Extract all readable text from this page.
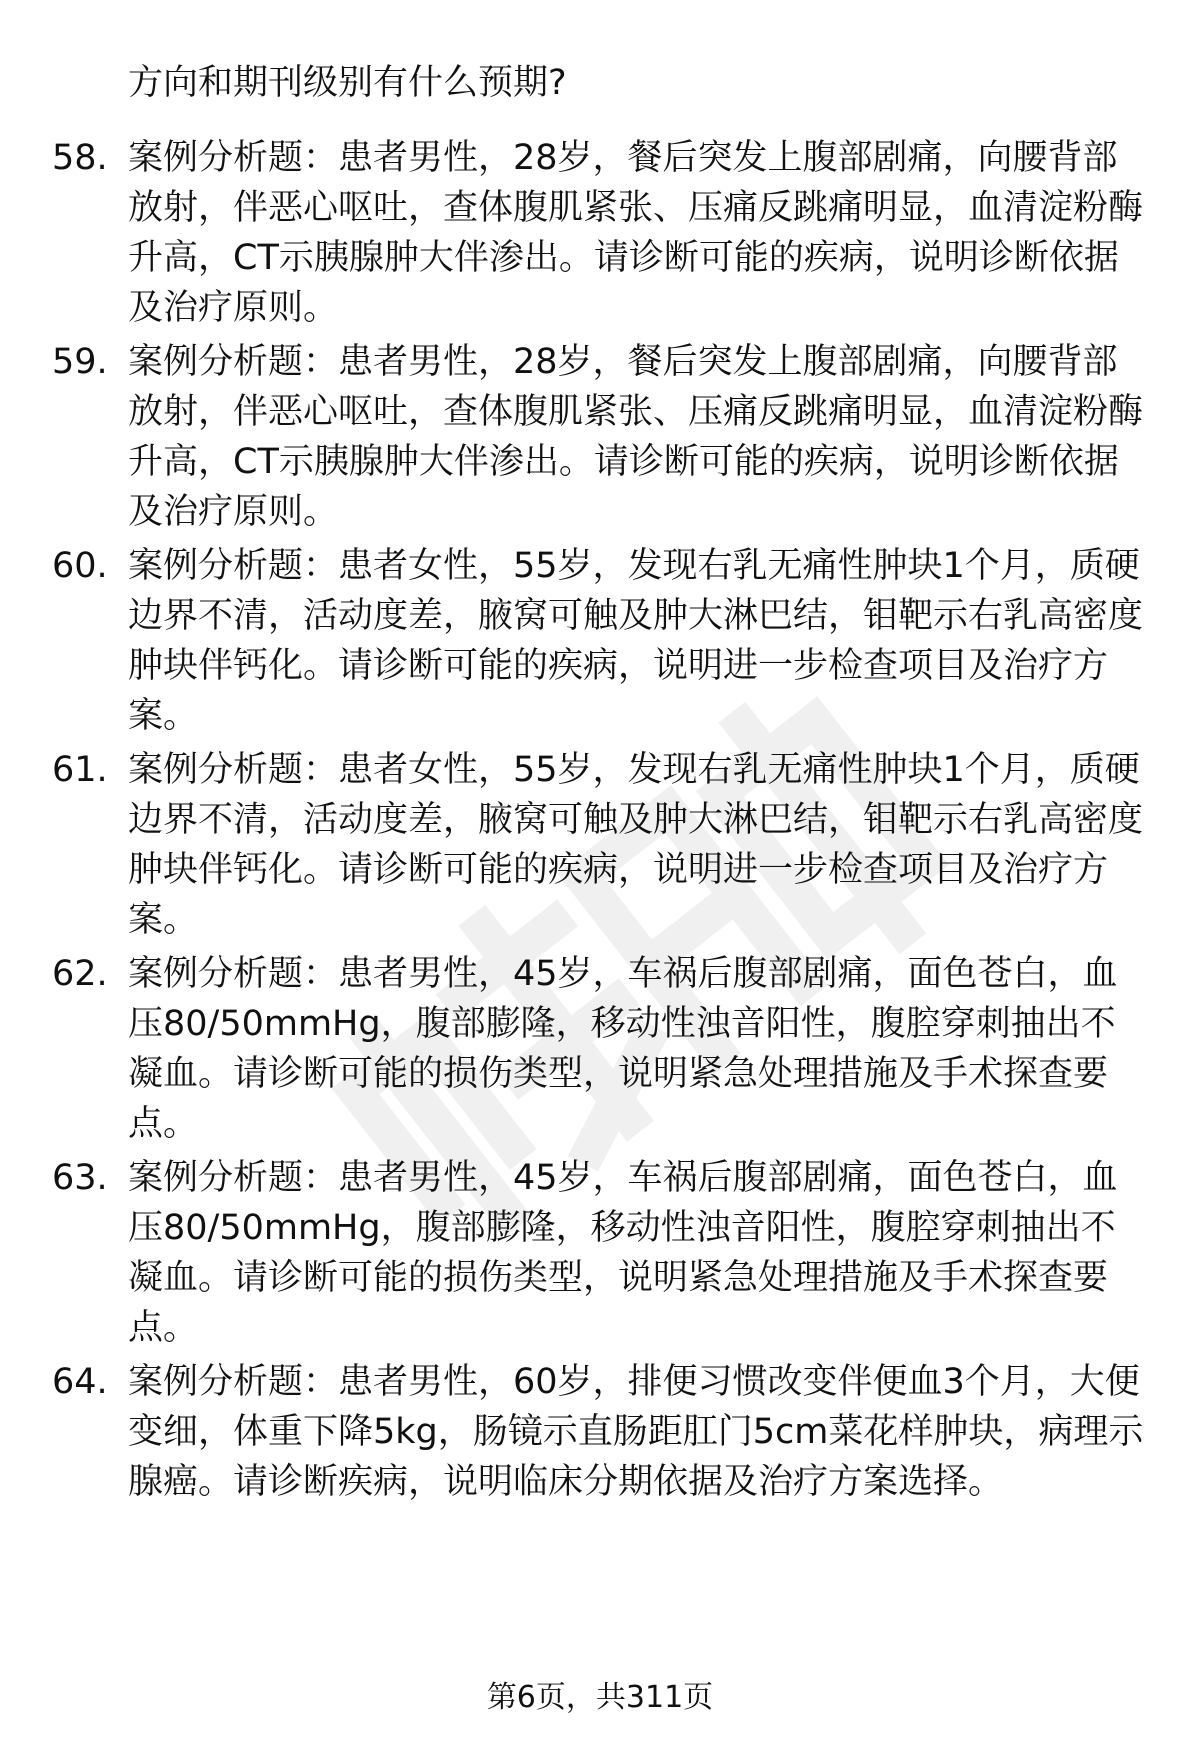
方向和期刊级别有什么预期?

58. 案例分析题：患者男性，28岁，餐后突发上腹部剧痛，向腰背部放射，伴恶心呕吐，查体腹肌紧张、压痛反跳痛明显，血清淀粉酶升高，CT示胰腺肿大伴渗出。请诊断可能的疾病，说明诊断依据及治疗原则。

59. 案例分析题：患者男性，28岁，餐后突发上腹部剧痛，向腰背部放射，伴恶心呕吐，查体腹肌紧张、压痛反跳痛明显，血清淀粉酶升高，CT示胰腺肿大伴渗出。请诊断可能的疾病，说明诊断依据及治疗原则。

60. 案例分析题：患者女性，55岁，发现右乳无痛性肿块1个月，质硬边界不清，活动度差，腋窝可触及肿大淋巴结，钼靶示右乳高密度肿块伴钙化。请诊断可能的疾病，说明进一步检查项目及治疗方案。

61. 案例分析题：患者女性，55岁，发现右乳无痛性肿块1个月，质硬边界不清，活动度差，腋窝可触及肿大淋巴结，钼靶示右乳高密度肿块伴钙化。请诊断可能的疾病，说明进一步检查项目及治疗方案。

62. 案例分析题：患者男性，45岁，车祸后腹部剧痛，面色苍白，血压80/50mmHg，腹部膨隆，移动性浊音阳性，腹腔穿刺抽出不凝血。请诊断可能的损伤类型，说明紧急处理措施及手术探查要点。

63. 案例分析题：患者男性，45岁，车祸后腹部剧痛，面色苍白，血压80/50mmHg，腹部膨隆，移动性浊音阳性，腹腔穿刺抽出不凝血。请诊断可能的损伤类型，说明紧急处理措施及手术探查要点。

64. 案例分析题：患者男性，60岁，排便习惯改变伴便血3个月，大便变细，体重下降5kg，肠镜示直肠距肛门5cm菜花样肿块，病理示腺癌。请诊断疾病，说明临床分期依据及治疗方案选择。

第6页，共311页
